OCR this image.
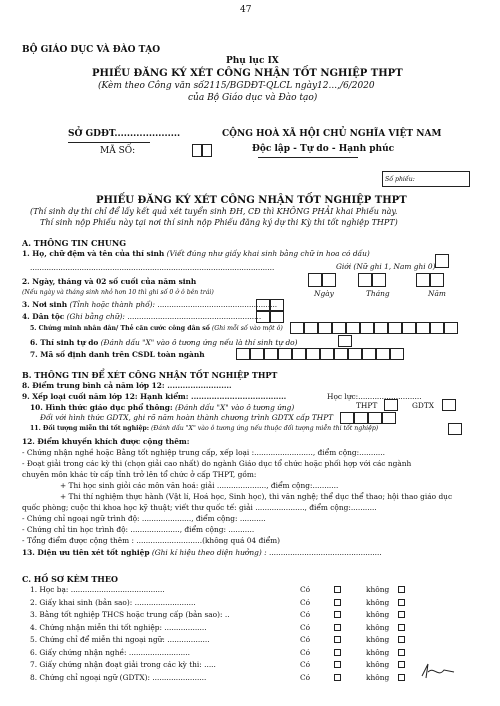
47
BỘ GIÁO DỤC VÀ ĐÀO TẠO
Phụ lục IX
PHIẾU ĐĂNG KÝ XÉT CÔNG NHẬN TỐT NGHIỆP THPT
(Kèm theo Công văn số2115/BGDĐT-QLCL ngày12...,/6/2020
của Bộ Giáo dục và Đào tạo)
SỞ GDĐT.....................	CỘNG HOÀ XÃ HỘI CHỦ NGHĨA VIỆT NAM
MÃ SỐ:	Độc lập - Tự do - Hạnh phúc
Số phiếu:
PHIẾU ĐĂNG KÝ XÉT CÔNG NHẬN TỐT NGHIỆP THPT
(Thí sinh dự thi chỉ để lấy kết quả xét tuyển sinh ĐH, CĐ thì KHÔNG PHẢI khai Phiếu này.
Thí sinh nộp Phiếu này tại nơi thí sinh nộp Phiếu đăng ký dự thi Kỳ thi tốt nghiệp THPT)
A. THÔNG TIN CHUNG
1. Họ, chữ đệm và tên của thí sinh (Viết đúng như giấy khai sinh bằng chữ in hoa có dấu)
........................................................................................................	Giới (Nữ ghi 1, Nam ghi 0)
2. Ngày, tháng và 02 số cuối của năm sinh
(Nếu ngày và tháng sinh nhỏ hơn 10 thì ghi số 0 ở ô bên trái)	Ngày	Tháng	Năm
3. Nơi sinh (Tỉnh hoặc thành phố): ...................................................
4. Dân tộc (Ghi bằng chữ): .........................................................
5. Chứng minh nhân dân/ Thẻ căn cước công dân số (Ghi mỗi số vào một ô)
6. Thí sinh tự do (Đánh dấu "X" vào ô tương ứng nếu là thí sinh tự do)
7. Mã số định danh trên CSDL toàn ngành
B. THÔNG TIN ĐỂ XÉT CÔNG NHẬN TỐT NGHIỆP THPT
8. Điểm trung bình cả năm lớp 12: .........................
9. Xếp loại cuối năm lớp 12: Hạnh kiểm: .....................................	Học lực:...........................
10. Hình thức giáo dục phổ thông: (Đánh dấu "X" vào ô tương ứng)	THPT	GDTX
Đối với hình thức GDTX, ghi rõ năm hoàn thành chương trình GDTX cấp THPT
11. Đối tượng miễn thi tốt nghiệp: (Đánh dấu "X" vào ô tương ứng nếu thuộc đối tượng miễn thi tốt nghiệp)
12. Điểm khuyến khích được cộng thêm:
- Chứng nhận nghề hoặc Bằng tốt nghiệp trung cấp, xếp loại :........................., điểm cộng:...........
- Đoạt giải trong các kỳ thi (chọn giải cao nhất) do ngành Giáo dục tổ chức hoặc phối hợp với các ngành
chuyên môn khác từ cấp tỉnh trở lên tổ chức ở cấp THPT, gồm:
+ Thi học sinh giỏi các môn văn hoá: giải ....................., điểm cộng:...........
+ Thi thí nghiệm thực hành (Vật lí, Hoá học, Sinh học), thi văn nghệ; thể dục thể thao; hội thao giáo dục
quốc phòng; cuộc thi khoa học kỹ thuật; viết thư quốc tế: giải ....................., điểm cộng:...........
- Chứng chỉ ngoại ngữ trình độ: ....................., điểm cộng: ...........
- Chứng chỉ tin học trình độ: ....................., điểm cộng: ...........
- Tổng điểm được cộng thêm : ............................(không quá 04 điểm)
13. Diện ưu tiên xét tốt nghiệp (Ghi kí hiệu theo diện hưởng) : ................................................
C. HỒ SƠ KÈM THEO
1. Học bạ: ........................................	Có	không
2. Giấy khai sinh (bản sao): ..........................	Có	không
3. Bằng tốt nghiệp THCS hoặc trung cấp (bản sao): ..	Có	không
4. Chứng nhận miễn thi tốt nghiệp: ..................	Có	không
5. Chứng chỉ để miễn thi ngoại ngữ: ..................	Có	không
6. Giấy chứng nhận nghề: ..........................	Có	không
7. Giấy chứng nhận đoạt giải trong các kỳ thi: .....	Có	không
8. Chứng chỉ ngoại ngữ (GDTX): .......................	Có	không
